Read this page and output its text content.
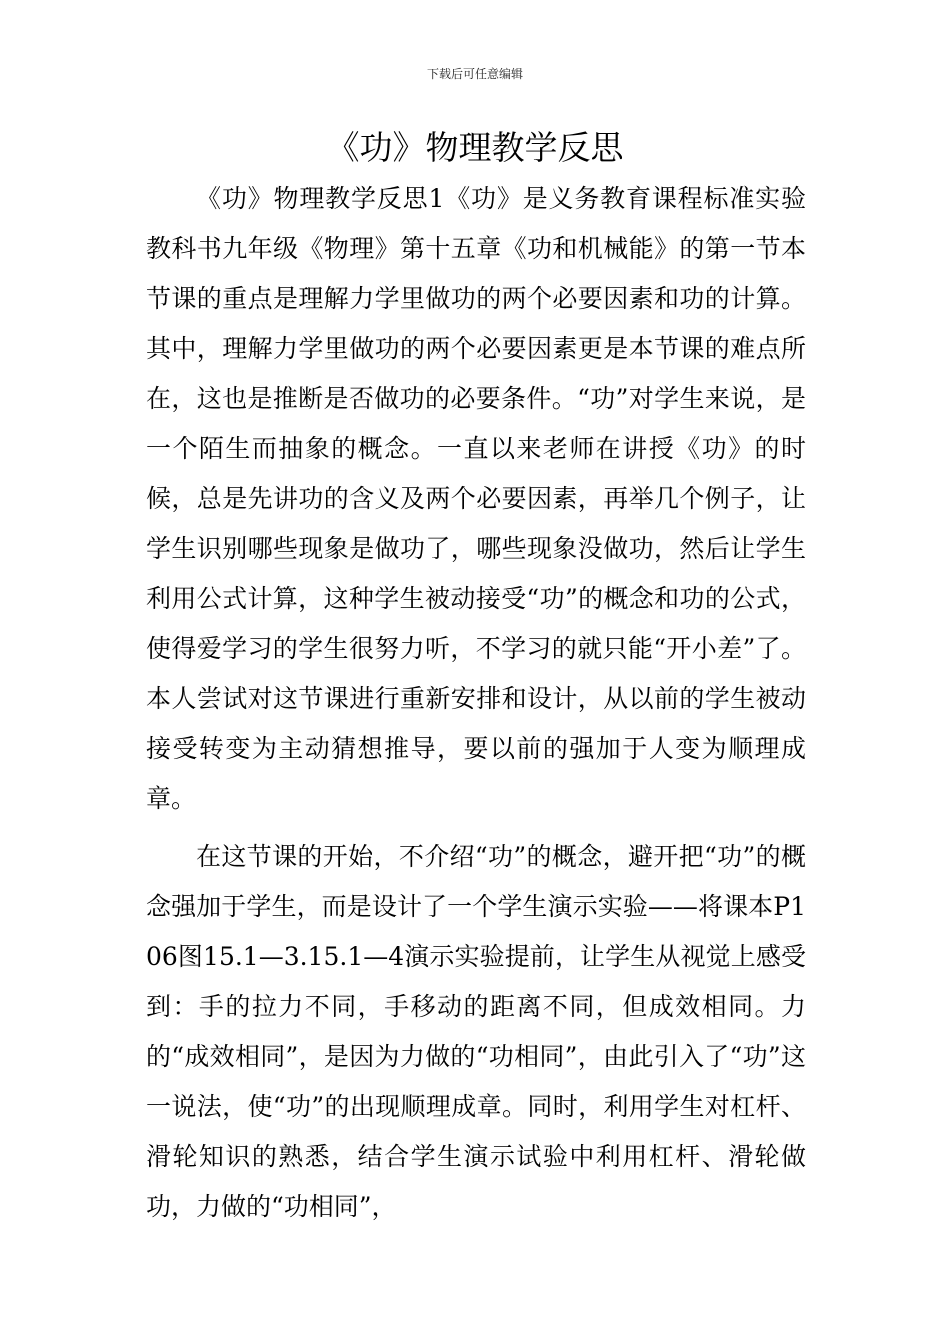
下载后可任意编辑
《功》物理教学反思

《功》物理教学反思1《功》是义务教育课程标准实验教科书九年级《物理》第十五章《功和机械能》的第一节本节课的重点是理解力学里做功的两个必要因素和功的计算。其中，理解力学里做功的两个必要因素更是本节课的难点所在，这也是推断是否做功的必要条件。“功”对学生来说，是一个陌生而抽象的概念。一直以来老师在讲授《功》的时候，总是先讲功的含义及两个必要因素，再举几个例子，让学生识别哪些现象是做功了，哪些现象没做功，然后让学生利用公式计算，这种学生被动接受“功”的概念和功的公式，使得爱学习的学生很努力听，不学习的就只能“开小差”了。本人尝试对这节课进行重新安排和设计，从以前的学生被动接受转变为主动猜想推导，要以前的强加于人变为顺理成章。

在这节课的开始，不介绍“功”的概念，避开把“功”的概念强加于学生，而是设计了一个学生演示实验——将课本P106图15.1—3.15.1—4演示实验提前，让学生从视觉上感受到：手的拉力不同，手移动的距离不同，但成效相同。力的“成效相同”，是因为力做的“功相同”，由此引入了“功”这一说法，使“功”的出现顺理成章。同时，利用学生对杠杆、滑轮知识的熟悉，结合学生演示试验中利用杠杆、滑轮做功，力做的“功相同”，
